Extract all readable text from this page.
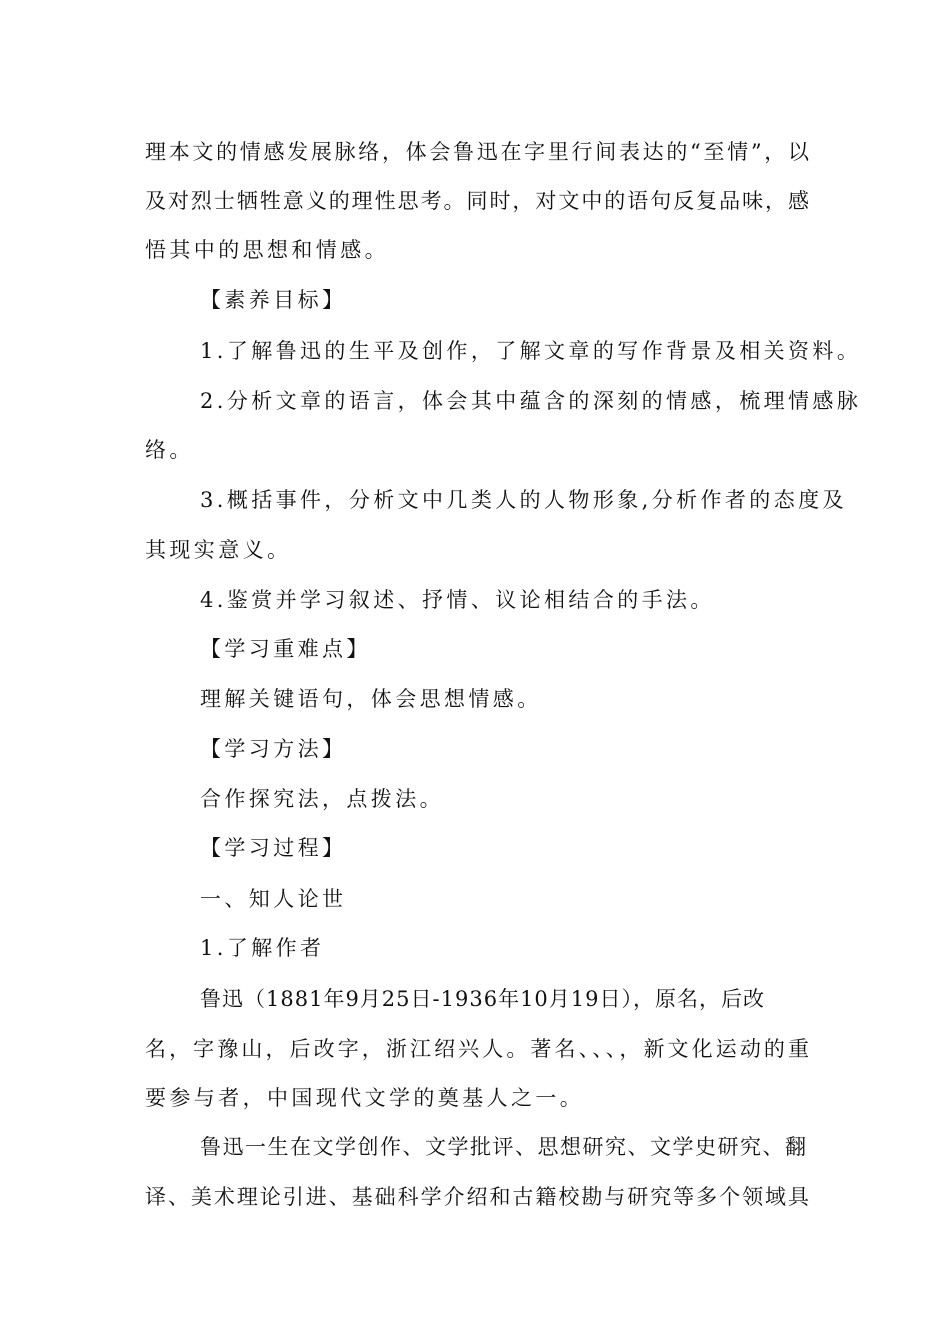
理本文的情感发展脉络，体会鲁迅在字里行间表达的“至情”，以

及对烈士牺牲意义的理性思考。同时，对文中的语句反复品味，感

悟其中的思想和情感。

【素养目标】

1.了解鲁迅的生平及创作，了解文章的写作背景及相关资料。

2.分析文章的语言，体会其中蕴含的深刻的情感，梳理情感脉

络。

3.概括事件，分析文中几类人的人物形象,分析作者的态度及

其现实意义。

4.鉴赏并学习叙述、抒情、议论相结合的手法。

【学习重难点】

理解关键语句，体会思想情感。

【学习方法】

合作探究法，点拨法。

【学习过程】

一、知人论世

1.了解作者

鲁迅（1881年9月25日-1936年10月19日），原名，后改

名，字豫山，后改字，浙江绍兴人。著名、、、，新文化运动的重

要参与者，中国现代文学的奠基人之一。

鲁迅一生在文学创作、文学批评、思想研究、文学史研究、翻

译、美术理论引进、基础科学介绍和古籍校勘与研究等多个领域具
